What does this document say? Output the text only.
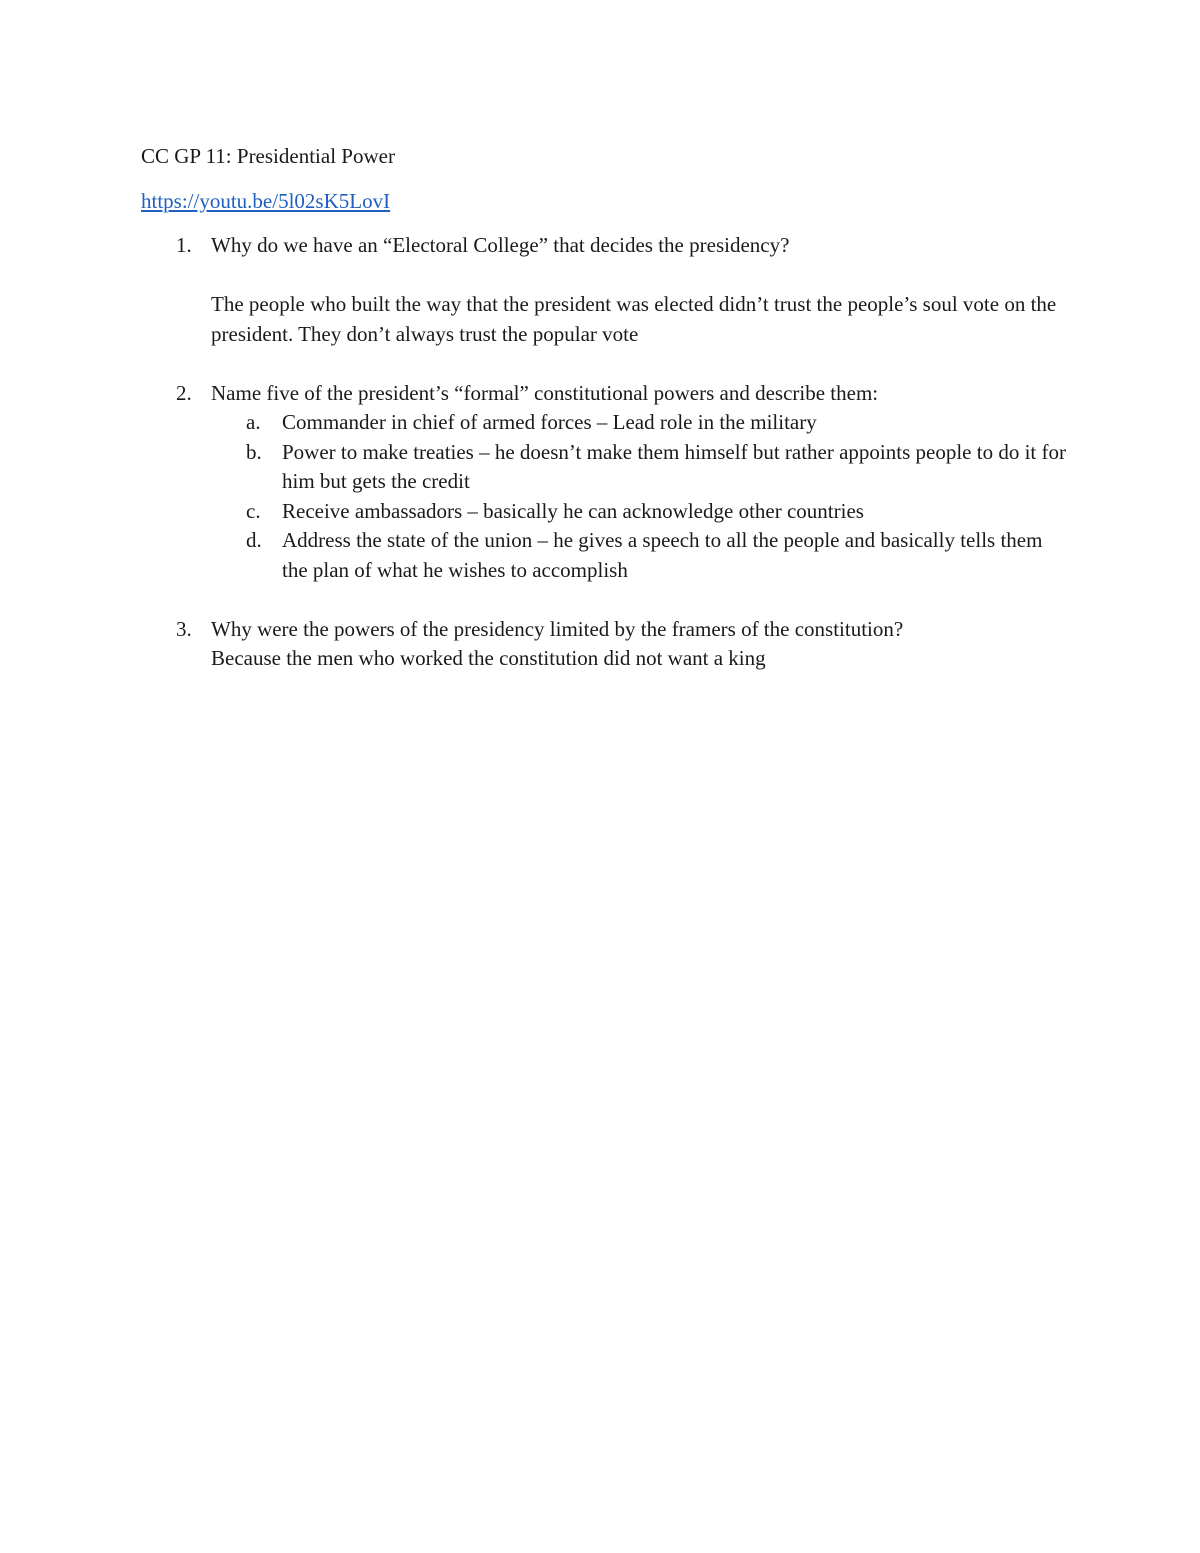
CC GP 11: Presidential Power
https://youtu.be/5l02sK5LovI
1. Why do we have an “Electoral College” that decides the presidency?
The people who built the way that the president was elected didn’t trust the people’s soul vote on the president. They don’t always trust the popular vote
2. Name five of the president’s “formal” constitutional powers and describe them:
a.	Commander in chief of armed forces – Lead role in the military
b. Power to make treaties – he doesn’t make them himself but rather appoints people to do it for him but gets the credit
c.	Receive ambassadors – basically he can acknowledge other countries
d. Address the state of the union – he gives a speech to all the people and basically tells them the plan of what he wishes to accomplish
3. Why were the powers of the presidency limited by the framers of the constitution?
Because the men who worked the constitution did not want a king
